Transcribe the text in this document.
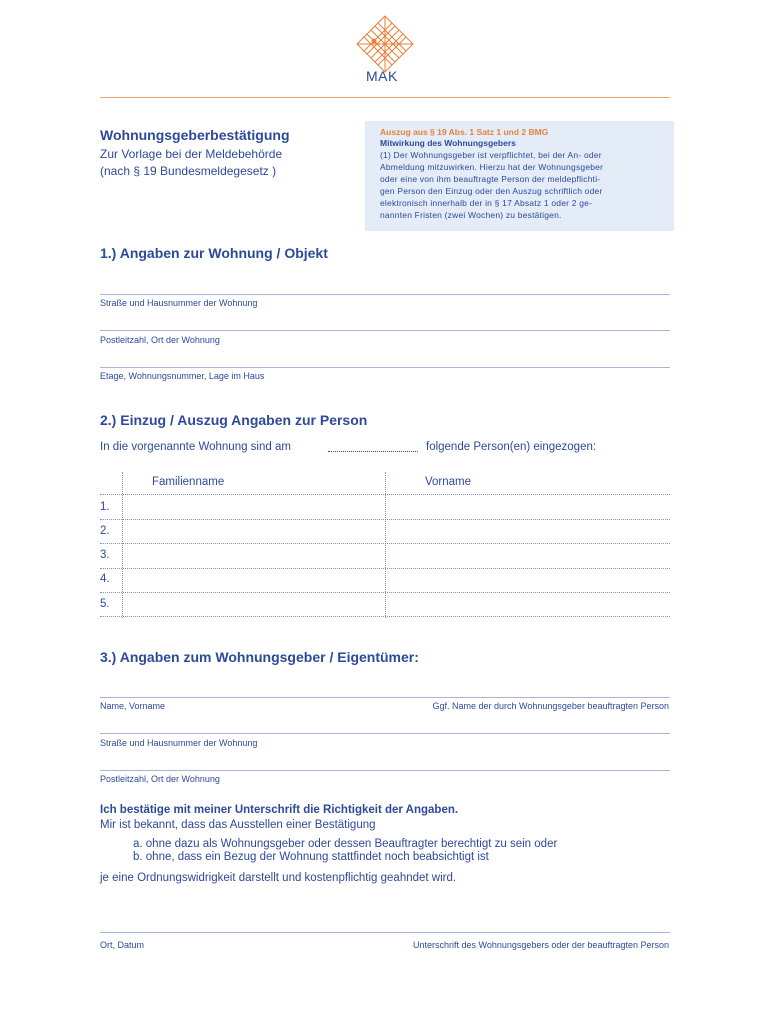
MAK
Wohnungsgeberbestätigung
Zur Vorlage bei der Meldebehörde
(nach § 19 Bundesmeldegesetz )
Auszug aus § 19 Abs. 1 Satz 1 und 2 BMG
Mitwirkung des Wohnungsgebers
(1) Der Wohnungsgeber ist verpflichtet, bei der An- oder
Abmeldung mitzuwirken. Hierzu hat der Wohnungsgeber
oder eine von ihm beauftragte Person der meldepflichti-
gen Person den Einzug oder den Auszug schriftlich oder
elektronisch innerhalb der in § 17 Absatz 1 oder 2 ge-
nannten Fristen (zwei Wochen) zu bestätigen.
1.) Angaben zur Wohnung / Objekt
Straße und Hausnummer der Wohnung
Postleitzahl, Ort der Wohnung
Etage, Wohnungsnummer, Lage im Haus
2.) Einzug / Auszug Angaben zur Person
In die vorgenannte Wohnung sind am	folgende Person(en) eingezogen:
Familienname	Vorname
1.
2.
3.
4.
5.
3.) Angaben zum Wohnungsgeber / Eigentümer:
Name, Vorname	Ggf. Name der durch Wohnungsgeber beauftragten Person
Straße und Hausnummer der Wohnung
Postleitzahl, Ort der Wohnung
Ich bestätige mit meiner Unterschrift die Richtigkeit der Angaben.
Mir ist bekannt, dass das Ausstellen einer Bestätigung
a. ohne dazu als Wohnungsgeber oder dessen Beauftragter berechtigt zu sein oder
b. ohne, dass ein Bezug der Wohnung stattfindet noch beabsichtigt ist
je eine Ordnungswidrigkeit darstellt und kostenpflichtig geahndet wird.
Ort, Datum	Unterschrift des Wohnungsgebers oder der beauftragten Person
